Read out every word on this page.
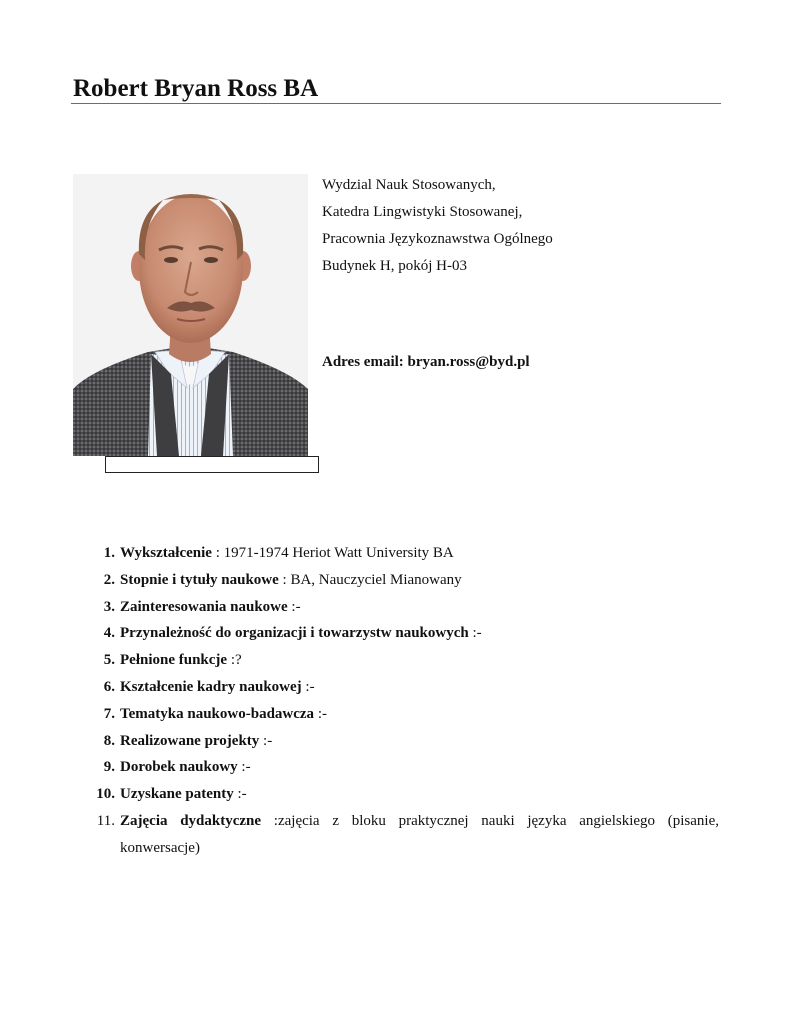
Robert Bryan Ross BA
Wydzial Nauk Stosowanych,
Katedra Lingwistyki Stosowanej,
Pracownia Językoznawstwa Ogólnego
Budynek H, pokój H-03
Adres email: bryan.ross@byd.pl
1. Wykształcenie : 1971-1974 Heriot Watt University BA
2. Stopnie i tytuły naukowe : BA, Nauczyciel Mianowany
3. Zainteresowania naukowe :-
4. Przynależność do organizacji i towarzystw naukowych :-
5. Pełnione funkcje :?
6. Kształcenie kadry naukowej :-
7. Tematyka naukowo-badawcza :-
8. Realizowane projekty :-
9. Dorobek naukowy :-
10. Uzyskane patenty :-
11. Zajęcia dydaktyczne :zajęcia z bloku praktycznej nauki języka angielskiego (pisanie, konwersacje)
